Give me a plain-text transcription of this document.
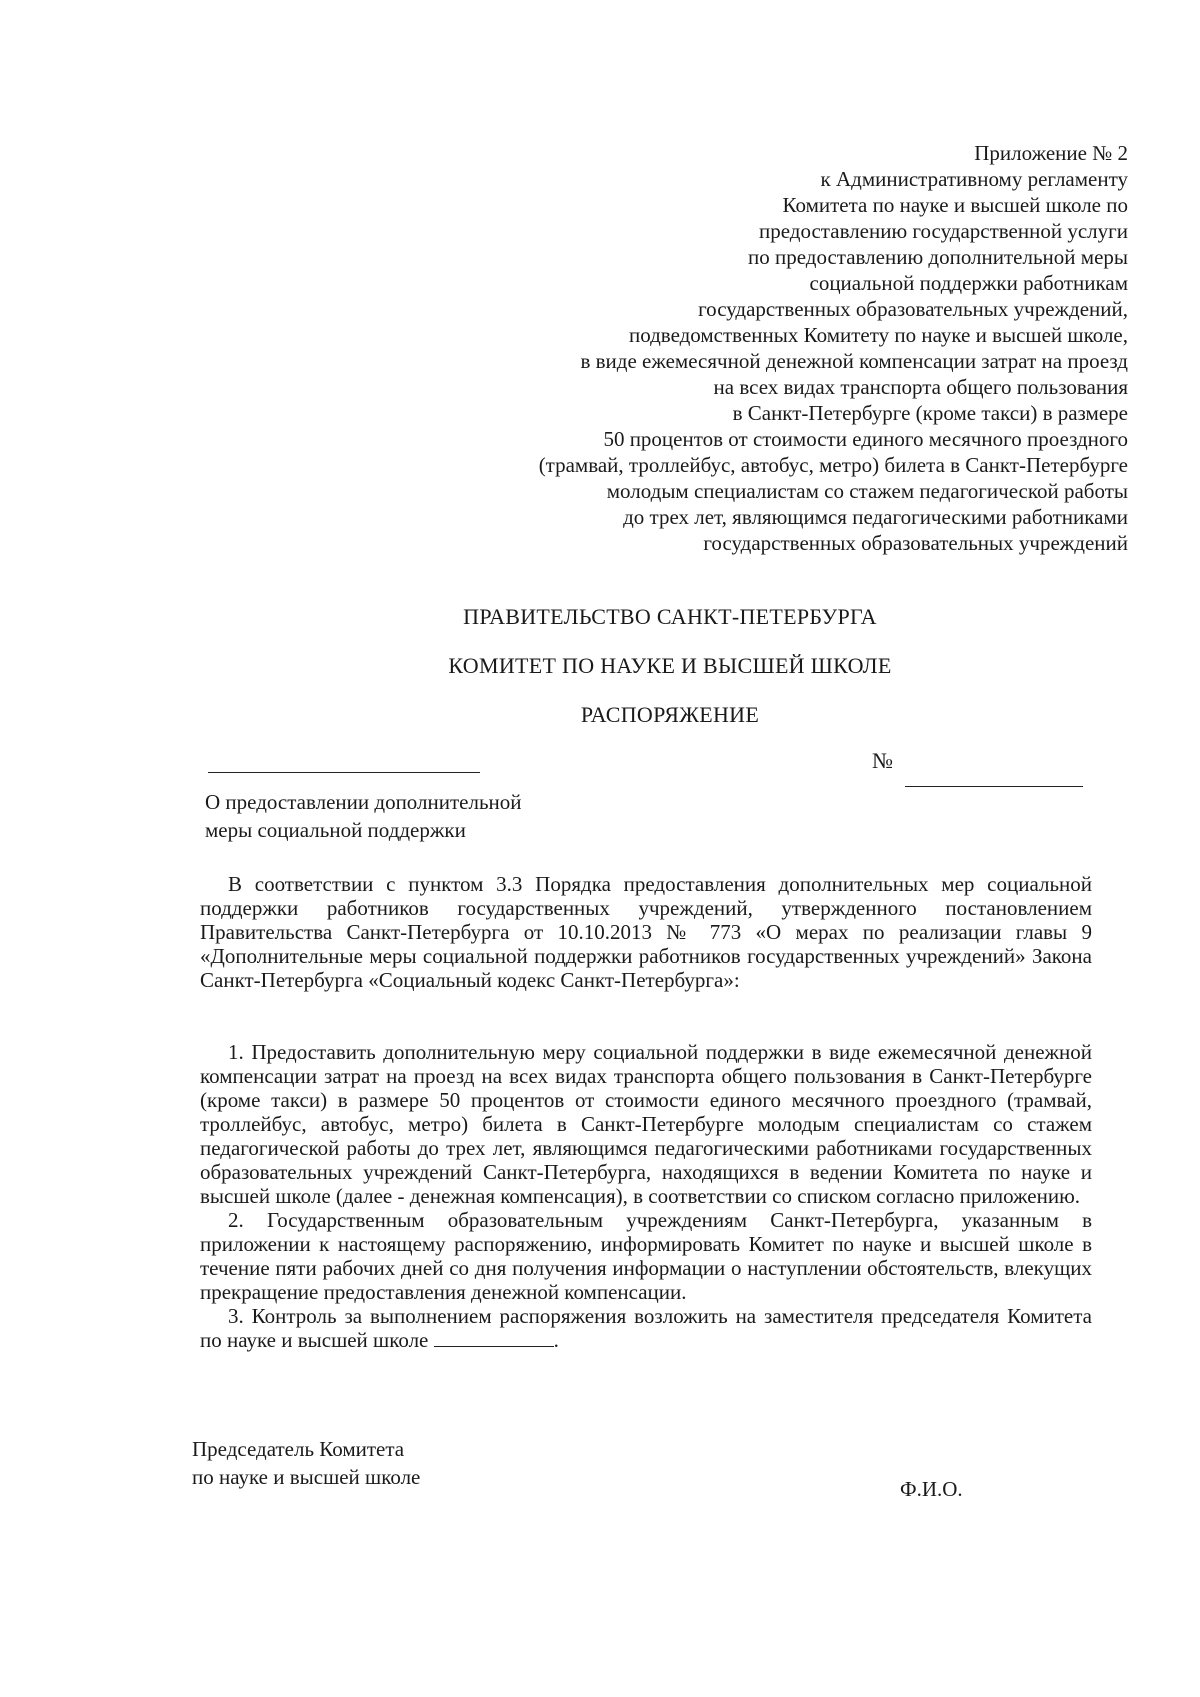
Приложение № 2
к Административному регламенту
Комитета по науке и высшей школе по
предоставлению государственной услуги
по предоставлению дополнительной меры
социальной поддержки работникам
государственных образовательных учреждений,
подведомственных Комитету по науке и высшей школе,
в виде ежемесячной денежной компенсации затрат на проезд
на всех видах транспорта общего пользования
в Санкт-Петербурге (кроме такси) в размере
50 процентов от стоимости единого месячного проездного
(трамвай, троллейбус, автобус, метро) билета в Санкт-Петербурге
молодым специалистам со стажем педагогической работы
до трех лет, являющимся педагогическими работниками
государственных образовательных учреждений
ПРАВИТЕЛЬСТВО САНКТ-ПЕТЕРБУРГА
КОМИТЕТ ПО НАУКЕ И ВЫСШЕЙ ШКОЛЕ
РАСПОРЯЖЕНИЕ
№
О предоставлении дополнительной
меры социальной поддержки

В соответствии с пунктом 3.3 Порядка предоставления дополнительных мер социальной поддержки работников государственных учреждений, утвержденного постановлением Правительства Санкт-Петербурга от 10.10.2013 № 773 «О мерах по реализации главы 9 «Дополнительные меры социальной поддержки работников государственных учреждений» Закона Санкт-Петербурга «Социальный кодекс Санкт-Петербурга»:

1. Предоставить дополнительную меру социальной поддержки в виде ежемесячной денежной компенсации затрат на проезд на всех видах транспорта общего пользования в Санкт-Петербурге (кроме такси) в размере 50 процентов от стоимости единого месячного проездного (трамвай, троллейбус, автобус, метро) билета в Санкт-Петербурге молодым специалистам со стажем педагогической работы до трех лет, являющимся педагогическими работниками государственных образовательных учреждений Санкт-Петербурга, находящихся в ведении Комитета по науке и высшей школе (далее - денежная компенсация), в соответствии со списком согласно приложению.

2. Государственным образовательным учреждениям Санкт-Петербурга, указанным в приложении к настоящему распоряжению, информировать Комитет по науке и высшей школе в течение пяти рабочих дней со дня получения информации о наступлении обстоятельств, влекущих прекращение предоставления денежной компенсации.

3. Контроль за выполнением распоряжения возложить на заместителя председателя Комитета по науке и высшей школе	.

Председатель Комитета
по науке и высшей школе	Ф.И.О.
